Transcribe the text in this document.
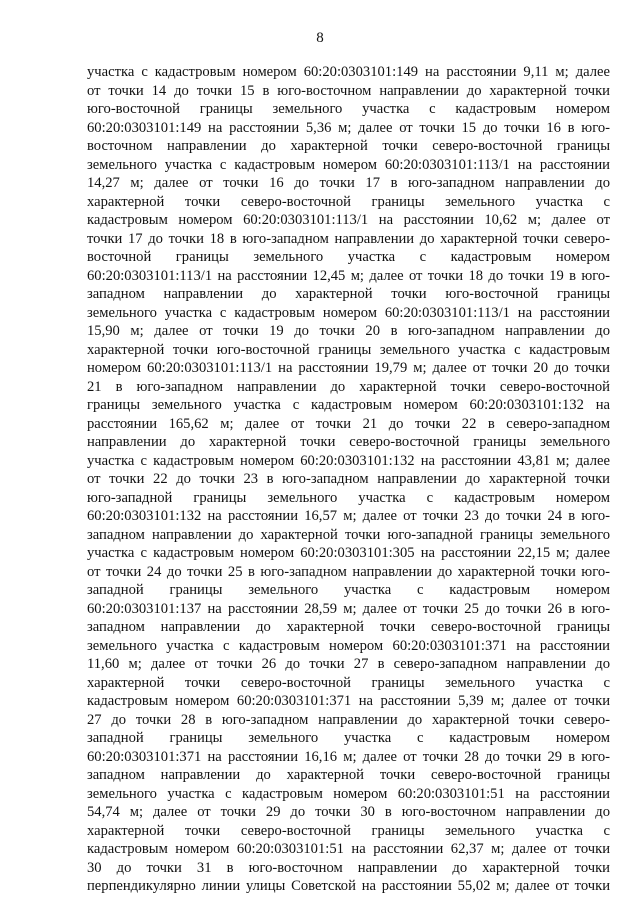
8
участка с кадастровым номером 60:20:0303101:149 на расстоянии 9,11 м; далее
от точки 14 до точки 15 в юго-восточном направлении до характерной точки
юго-восточной границы земельного участка с кадастровым номером
60:20:0303101:149 на расстоянии 5,36 м; далее от точки 15 до точки 16 в юго-
восточном направлении до характерной точки северо-восточной границы
земельного участка с кадастровым номером 60:20:0303101:113/1 на расстоянии
14,27 м; далее от точки 16 до точки 17 в юго-западном направлении до
характерной точки северо-восточной границы земельного участка с
кадастровым номером 60:20:0303101:113/1 на расстоянии 10,62 м; далее от
точки 17 до точки 18 в юго-западном направлении до характерной точки северо-
восточной границы земельного участка с кадастровым номером
60:20:0303101:113/1 на расстоянии 12,45 м; далее от точки 18 до точки 19 в юго-
западном направлении до характерной точки юго-восточной границы
земельного участка с кадастровым номером 60:20:0303101:113/1 на расстоянии
15,90 м; далее от точки 19 до точки 20 в юго-западном направлении до
характерной точки юго-восточной границы земельного участка с кадастровым
номером 60:20:0303101:113/1 на расстоянии 19,79 м; далее от точки 20 до точки
21 в юго-западном направлении до характерной точки северо-восточной
границы земельного участка с кадастровым номером 60:20:0303101:132 на
расстоянии 165,62 м; далее от точки 21 до точки 22 в северо-западном
направлении до характерной точки северо-восточной границы земельного
участка с кадастровым номером 60:20:0303101:132 на расстоянии 43,81 м; далее
от точки 22 до точки 23 в юго-западном направлении до характерной точки
юго-западной границы земельного участка с кадастровым номером
60:20:0303101:132 на расстоянии 16,57 м; далее от точки 23 до точки 24 в юго-
западном направлении до характерной точки юго-западной границы земельного
участка с кадастровым номером 60:20:0303101:305 на расстоянии 22,15 м; далее
от точки 24 до точки 25 в юго-западном направлении до характерной точки юго-
западной границы земельного участка с кадастровым номером
60:20:0303101:137 на расстоянии 28,59 м; далее от точки 25 до точки 26 в юго-
западном направлении до характерной точки северо-восточной границы
земельного участка с кадастровым номером 60:20:0303101:371 на расстоянии
11,60 м; далее от точки 26 до точки 27 в северо-западном направлении до
характерной точки северо-восточной границы земельного участка с
кадастровым номером 60:20:0303101:371 на расстоянии 5,39 м; далее от точки
27 до точки 28 в юго-западном направлении до характерной точки северо-
западной границы земельного участка с кадастровым номером
60:20:0303101:371 на расстоянии 16,16 м; далее от точки 28 до точки 29 в юго-
западном направлении до характерной точки северо-восточной границы
земельного участка с кадастровым номером 60:20:0303101:51 на расстоянии
54,74 м; далее от точки 29 до точки 30 в юго-восточном направлении до
характерной точки северо-восточной границы земельного участка с
кадастровым номером 60:20:0303101:51 на расстоянии 62,37 м; далее от точки
30 до точки 31 в юго-восточном направлении до характерной точки
перпендикулярно линии улицы Советской на расстоянии 55,02 м; далее от точки
